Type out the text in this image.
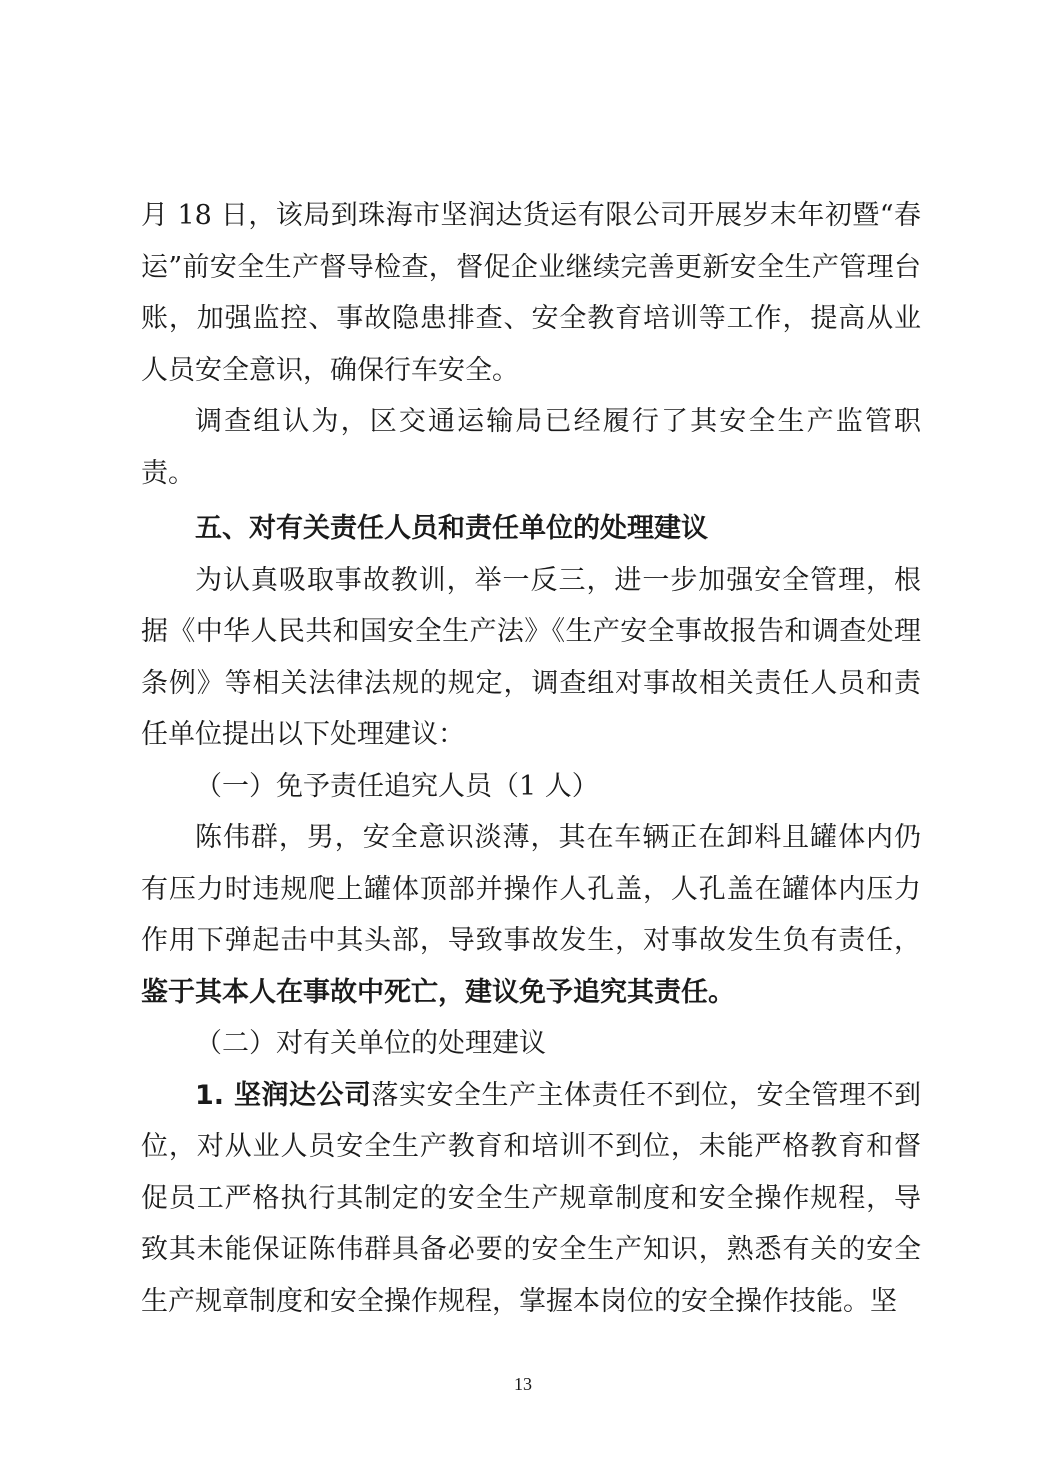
月 18 日，该局到珠海市坚润达货运有限公司开展岁末年初暨“春运”前安全生产督导检查，督促企业继续完善更新安全生产管理台账，加强监控、事故隐患排查、安全教育培训等工作，提高从业人员安全意识，确保行车安全。

调查组认为，区交通运输局已经履行了其安全生产监管职责。

五、对有关责任人员和责任单位的处理建议

为认真吸取事故教训，举一反三，进一步加强安全管理，根据《中华人民共和国安全生产法》《生产安全事故报告和调查处理条例》等相关法律法规的规定，调查组对事故相关责任人员和责任单位提出以下处理建议：

（一）免予责任追究人员（1 人）

陈伟群，男，安全意识淡薄，其在车辆正在卸料且罐体内仍有压力时违规爬上罐体顶部并操作人孔盖，人孔盖在罐体内压力作用下弹起击中其头部，导致事故发生，对事故发生负有责任，鉴于其本人在事故中死亡，建议免予追究其责任。

（二）对有关单位的处理建议

1. 坚润达公司落实安全生产主体责任不到位，安全管理不到位，对从业人员安全生产教育和培训不到位，未能严格教育和督促员工严格执行其制定的安全生产规章制度和安全操作规程，导致其未能保证陈伟群具备必要的安全生产知识，熟悉有关的安全生产规章制度和安全操作规程，掌握本岗位的安全操作技能。坚

13
